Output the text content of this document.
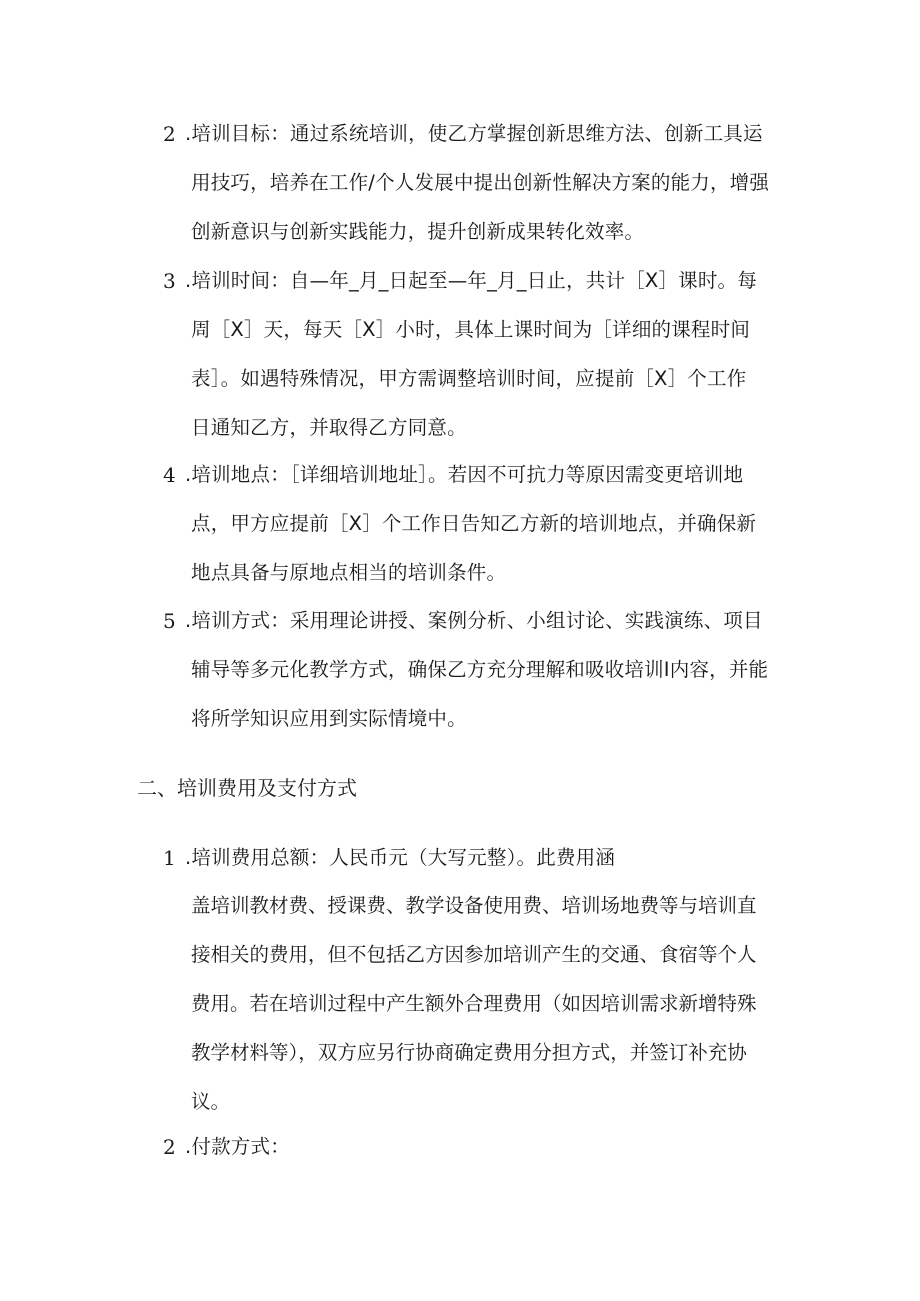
2 .培训目标：通过系统培训，使乙方掌握创新思维方法、创新工具运
用技巧，培养在工作/个人发展中提出创新性解决方案的能力，增强
创新意识与创新实践能力，提升创新成果转化效率。
3 .培训时间：自—年_月_日起至—年_月_日止，共计［X］课时。每
周［X］天，每天［X］小时，具体上课时间为［详细的课程时间
表］。如遇特殊情况，甲方需调整培训时间，应提前［X］个工作
日通知乙方，并取得乙方同意。
4 .培训地点：［详细培训地址］。若因不可抗力等原因需变更培训地
点，甲方应提前［X］个工作日告知乙方新的培训地点，并确保新
地点具备与原地点相当的培训条件。
5 .培训方式：采用理论讲授、案例分析、小组讨论、实践演练、项目
辅导等多元化教学方式，确保乙方充分理解和吸收培训I内容，并能
将所学知识应用到实际情境中。
二、培训费用及支付方式
1 .培训费用总额：人民币元（大写元整）。此费用涵
盖培训教材费、授课费、教学设备使用费、培训场地费等与培训直
接相关的费用，但不包括乙方因参加培训产生的交通、食宿等个人
费用。若在培训过程中产生额外合理费用（如因培训需求新增特殊
教学材料等），双方应另行协商确定费用分担方式，并签订补充协
议。
2 .付款方式：
